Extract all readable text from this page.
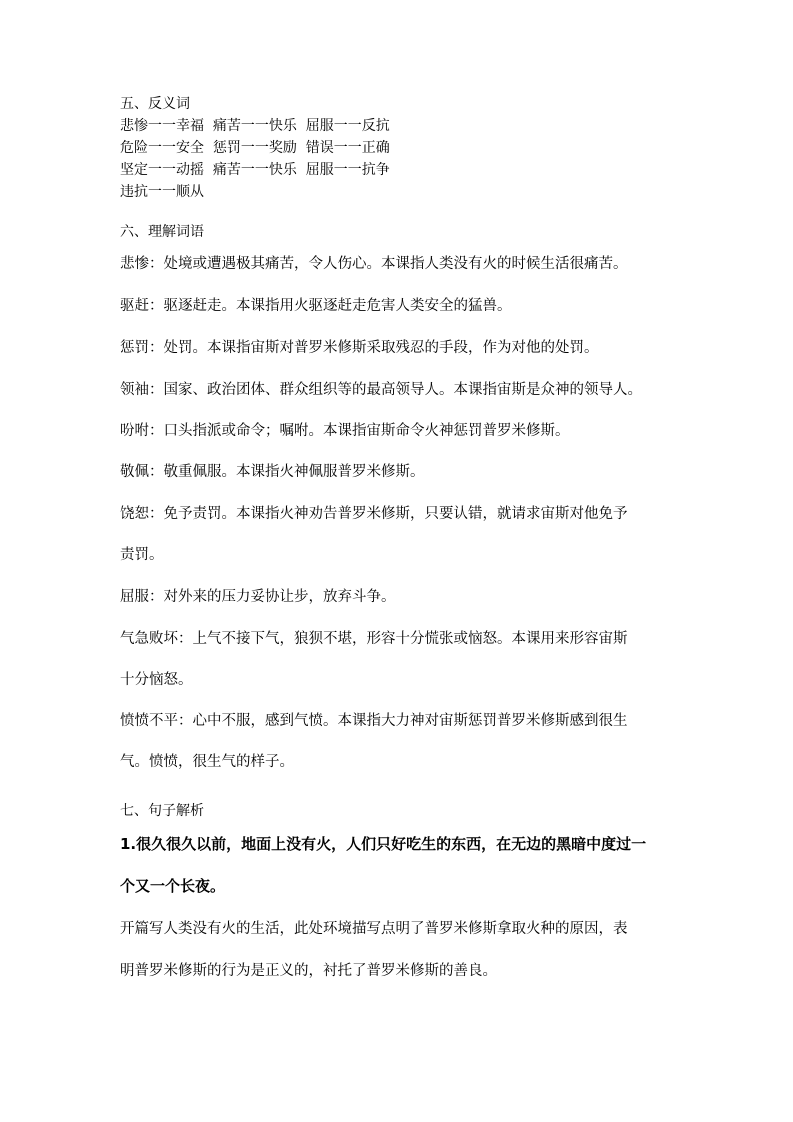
五、反义词
悲惨一一幸福  痛苦一一快乐  屈服一一反抗
危险一一安全  惩罚一一奖励  错误一一正确
坚定一一动摇  痛苦一一快乐  屈服一一抗争
违抗一一顺从
六、理解词语
悲惨：处境或遭遇极其痛苦，令人伤心。本课指人类没有火的时候生活很痛苦。
驱赶：驱逐赶走。本课指用火驱逐赶走危害人类安全的猛兽。
惩罚：处罚。本课指宙斯对普罗米修斯采取残忍的手段，作为对他的处罚。
领袖：国家、政治团体、群众组织等的最高领导人。本课指宙斯是众神的领导人。
吩咐：口头指派或命令；嘱咐。本课指宙斯命令火神惩罚普罗米修斯。
敬佩：敬重佩服。本课指火神佩服普罗米修斯。
饶恕：免予责罚。本课指火神劝告普罗米修斯，只要认错，就请求宙斯对他免予
责罚。
屈服：对外来的压力妥协让步，放弃斗争。
气急败坏：上气不接下气，狼狈不堪，形容十分慌张或恼怒。本课用来形容宙斯
十分恼怒。
愤愤不平：心中不服，感到气愤。本课指大力神对宙斯惩罚普罗米修斯感到很生
气。愤愤，很生气的样子。
七、句子解析
1.很久很久以前，地面上没有火，人们只好吃生的东西，在无边的黑暗中度过一
个又一个长夜。
开篇写人类没有火的生活，此处环境描写点明了普罗米修斯拿取火种的原因，表
明普罗米修斯的行为是正义的，衬托了普罗米修斯的善良。
